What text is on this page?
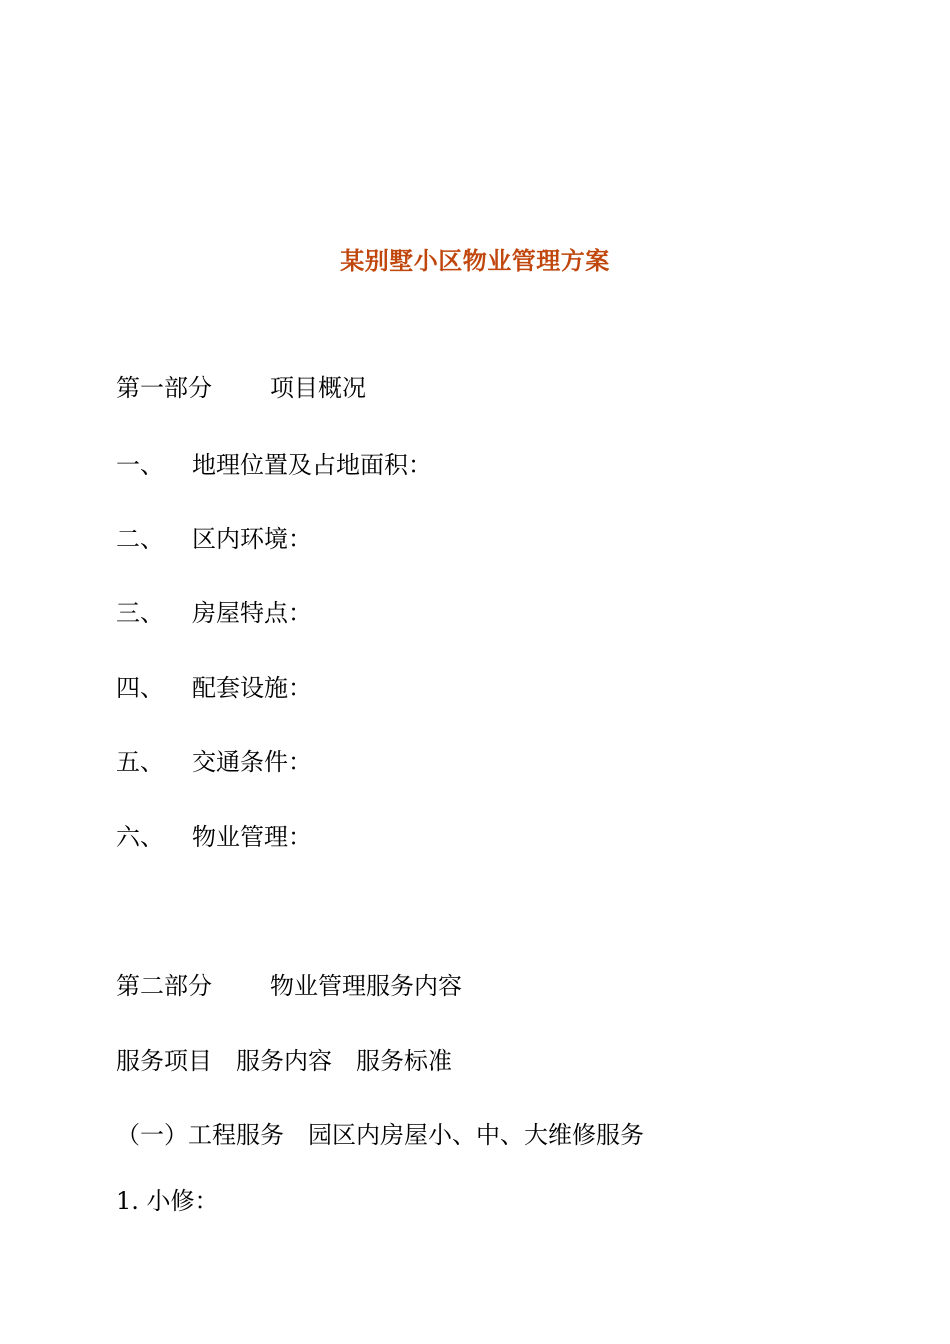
某别墅小区物业管理方案
第一部分 项目概况
一、 地理位置及占地面积：
二、 区内环境：
三、 房屋特点：
四、 配套设施：
五、 交通条件：
六、 物业管理：
第二部分 物业管理服务内容
服务项目 服务内容 服务标准
（一）工程服务 园区内房屋小、中、大维修服务
1. 小修：
